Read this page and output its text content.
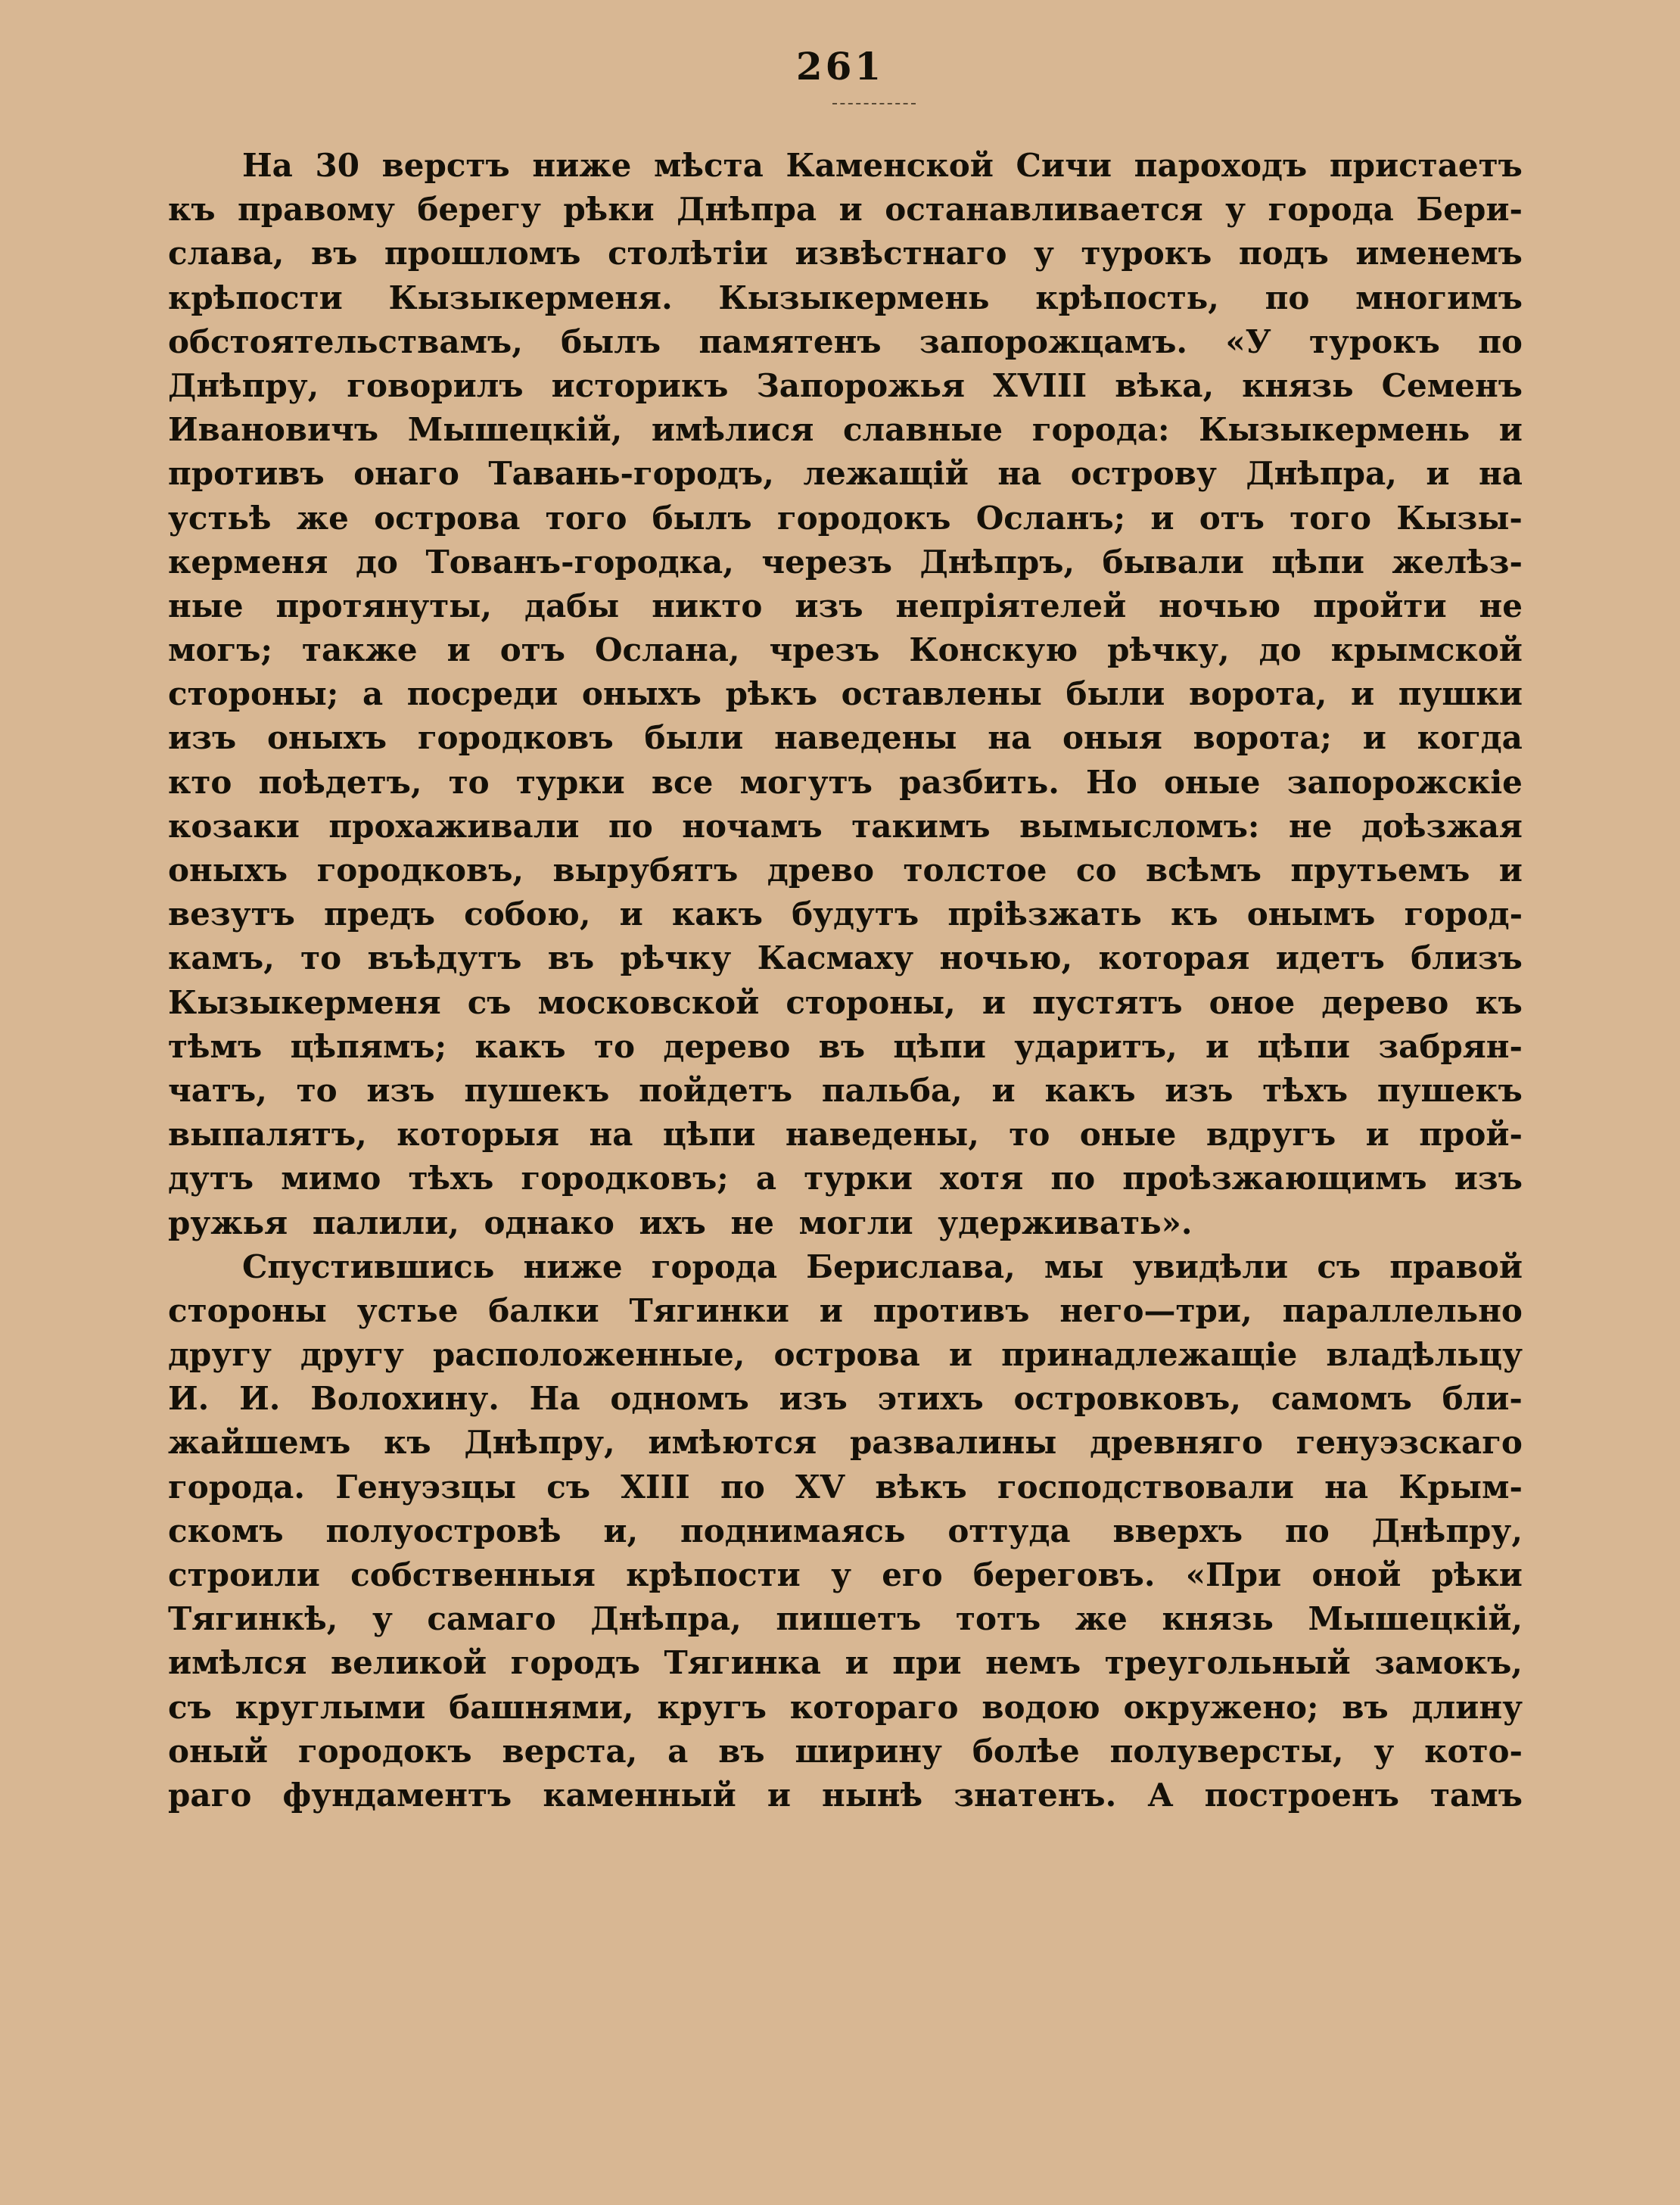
261
На 30 верстъ ниже мѣста Каменской Сичи пароходъ пристаетъ
къ правому берегу рѣки Днѣпра и останавливается у города Бери-
слава, въ прошломъ столѣтіи извѣстнаго у турокъ подъ именемъ
крѣпости Кызыкерменя. Кызыкермень крѣпость, по многимъ
обстоятельствамъ, былъ памятенъ запорожцамъ. «У турокъ по
Днѣпру, говорилъ историкъ Запорожья XVIII вѣка, князь Семенъ
Ивановичъ Мышецкій, имѣлися славные города: Кызыкермень и
противъ онаго Тавань-городъ, лежащій на острову Днѣпра, и на
устьѣ же острова того былъ городокъ Осланъ; и отъ того Кызы-
керменя до Тованъ-городка, черезъ Днѣпръ, бывали цѣпи желѣз-
ные протянуты, дабы никто изъ непріятелей ночью пройти не
могъ; также и отъ Ослана, чрезъ Конскую рѣчку, до крымской
стороны; а посреди оныхъ рѣкъ оставлены были ворота, и пушки
изъ оныхъ городковъ были наведены на оныя ворота; и когда
кто поѣдетъ, то турки все могутъ разбить. Но оные запорожскіе
козаки прохаживали по ночамъ такимъ вымысломъ: не доѣзжая
оныхъ городковъ, вырубятъ древо толстое со всѣмъ прутьемъ и
везутъ предъ собою, и какъ будутъ пріѣзжать къ онымъ город-
камъ, то въѣдутъ въ рѣчку Касмаху ночью, которая идетъ близъ
Кызыкерменя съ московской стороны, и пустятъ оное дерево къ
тѣмъ цѣпямъ; какъ то дерево въ цѣпи ударитъ, и цѣпи забрян-
чатъ, то изъ пушекъ пойдетъ пальба, и какъ изъ тѣхъ пушекъ
выпалятъ, которыя на цѣпи наведены, то оные вдругъ и прой-
дутъ мимо тѣхъ городковъ; а турки хотя по проѣзжающимъ изъ
ружья палили, однако ихъ не могли удерживать».
Спустившись ниже города Берислава, мы увидѣли съ правой
стороны устье балки Тягинки и противъ него—три, параллельно
другу другу расположенные, острова и принадлежащіе владѣльцу
И. И. Волохину. На одномъ изъ этихъ островковъ, самомъ бли-
жайшемъ къ Днѣпру, имѣются развалины древняго генуэзскаго
города. Генуэзцы съ XIII по XV вѣкъ господствовали на Крым-
скомъ полуостровѣ и, поднимаясь оттуда вверхъ по Днѣпру,
строили собственныя крѣпости у его береговъ. «При оной рѣки
Тягинкѣ, у самаго Днѣпра, пишетъ тотъ же князь Мышецкій,
имѣлся великой городъ Тягинка и при немъ треугольный замокъ,
съ круглыми башнями, кругъ котораго водою окружено; въ длину
оный городокъ верста, а въ ширину болѣе полуверсты, у кото-
раго фундаментъ каменный и нынѣ знатенъ. А построенъ тамъ
